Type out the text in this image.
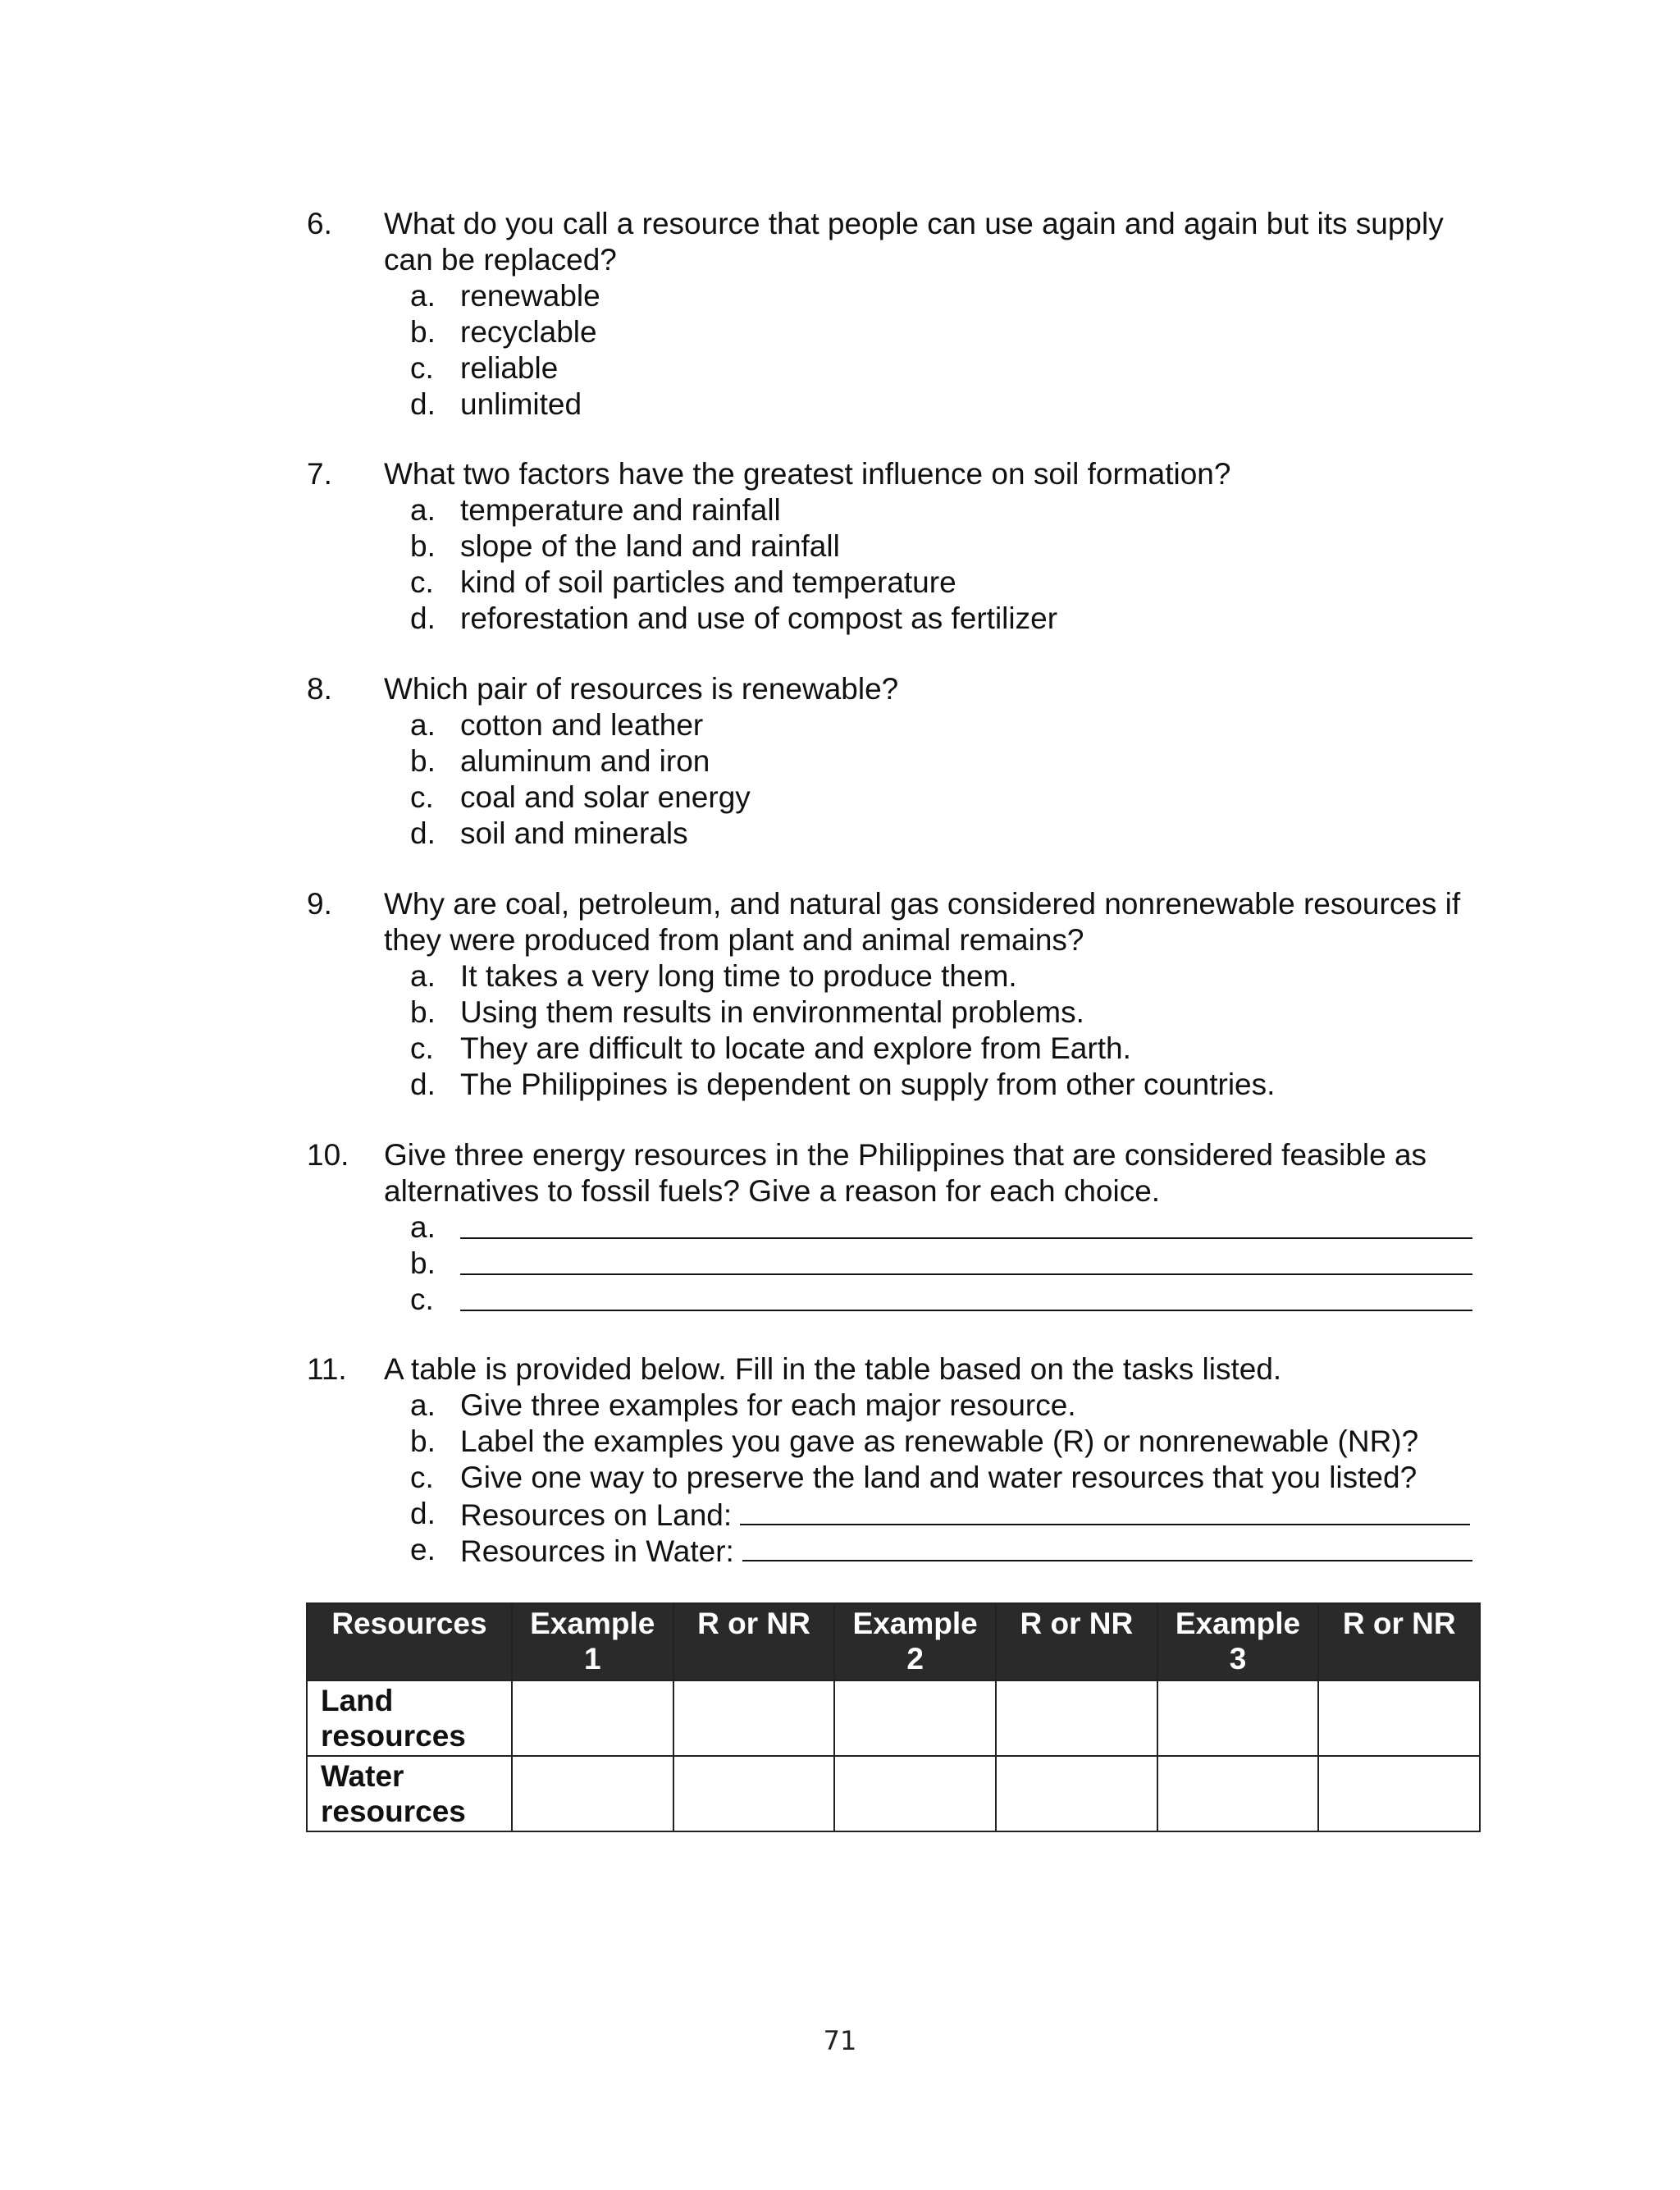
6. What do you call a resource that people can use again and again but its supply can be replaced?
a. renewable
b. recyclable
c. reliable
d. unlimited
7. What two factors have the greatest influence on soil formation?
a. temperature and rainfall
b. slope of the land and rainfall
c. kind of soil particles and temperature
d. reforestation and use of compost as fertilizer
8. Which pair of resources is renewable?
a. cotton and leather
b. aluminum and iron
c. coal and solar energy
d. soil and minerals
9. Why are coal, petroleum, and natural gas considered nonrenewable resources if they were produced from plant and animal remains?
a. It takes a very long time to produce them.
b. Using them results in environmental problems.
c. They are difficult to locate and explore from Earth.
d. The Philippines is dependent on supply from other countries.
10. Give three energy resources in the Philippines that are considered feasible as alternatives to fossil fuels? Give a reason for each choice.
a.
b.
c.
11. A table is provided below. Fill in the table based on the tasks listed.
a. Give three examples for each major resource.
b. Label the examples you gave as renewable (R) or nonrenewable (NR)?
c. Give one way to preserve the land and water resources that you listed?
d. Resources on Land:
e. Resources in Water:
Resources	Example 1	R or NR	Example 2	R or NR	Example 3	R or NR
Land resources						
Water resources						
71
